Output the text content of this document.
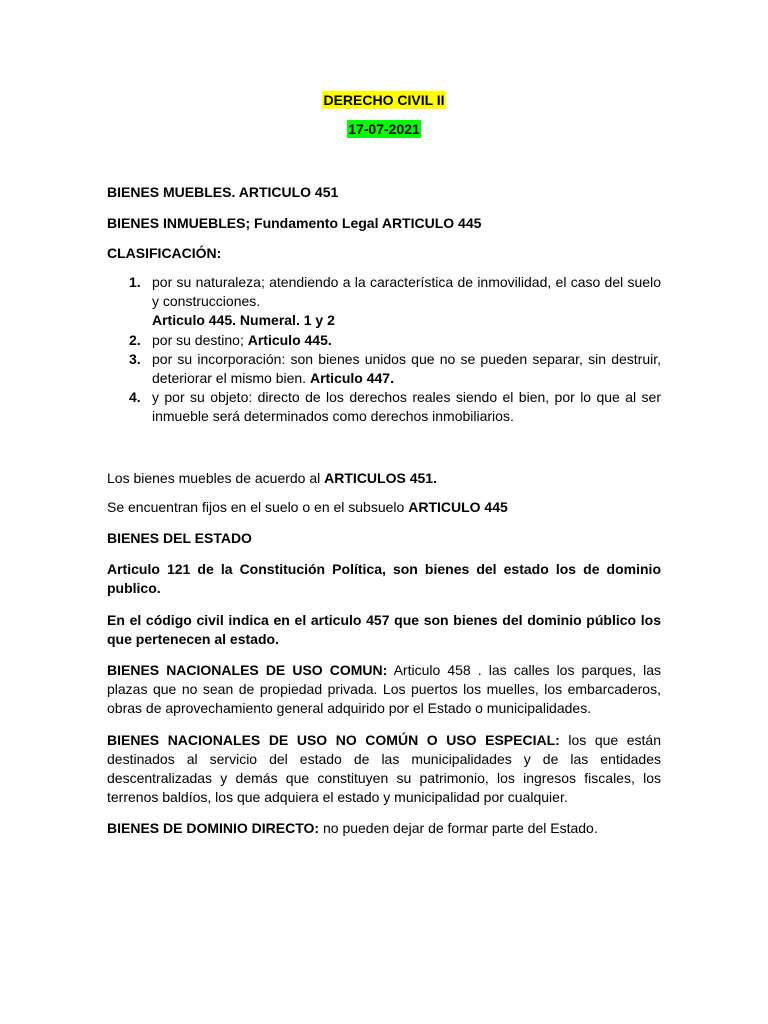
DERECHO CIVIL II
17-07-2021
BIENES MUEBLES. ARTICULO 451
BIENES INMUEBLES; Fundamento Legal ARTICULO 445
CLASIFICACIÓN:
1. por su naturaleza; atendiendo a la característica de inmovilidad, el caso del suelo y construcciones.
Articulo 445. Numeral. 1 y 2
2. por su destino; Articulo 445.
3. por su incorporación: son bienes unidos que no se pueden separar, sin destruir, deteriorar el mismo bien. Articulo 447.
4. y por su objeto: directo de los derechos reales siendo el bien, por lo que al ser inmueble será determinados como derechos inmobiliarios.
Los bienes muebles de acuerdo al ARTICULOS 451.
Se encuentran fijos en el suelo o en el subsuelo ARTICULO 445
BIENES DEL ESTADO
Articulo 121 de la Constitución Política, son bienes del estado los de dominio publico.
En el código civil indica en el articulo 457 que son bienes del dominio público los que pertenecen al estado.
BIENES NACIONALES DE USO COMUN: Articulo 458 . las calles los parques, las plazas que no sean de propiedad privada. Los puertos los muelles, los embarcaderos, obras de aprovechamiento general adquirido por el Estado o municipalidades.
BIENES NACIONALES DE USO NO COMÚN O USO ESPECIAL: los que están destinados al servicio del estado de las municipalidades y de las entidades descentralizadas y demás que constituyen su patrimonio, los ingresos fiscales, los terrenos baldíos, los que adquiera el estado y municipalidad por cualquier.
BIENES DE DOMINIO DIRECTO: no pueden dejar de formar parte del Estado.
